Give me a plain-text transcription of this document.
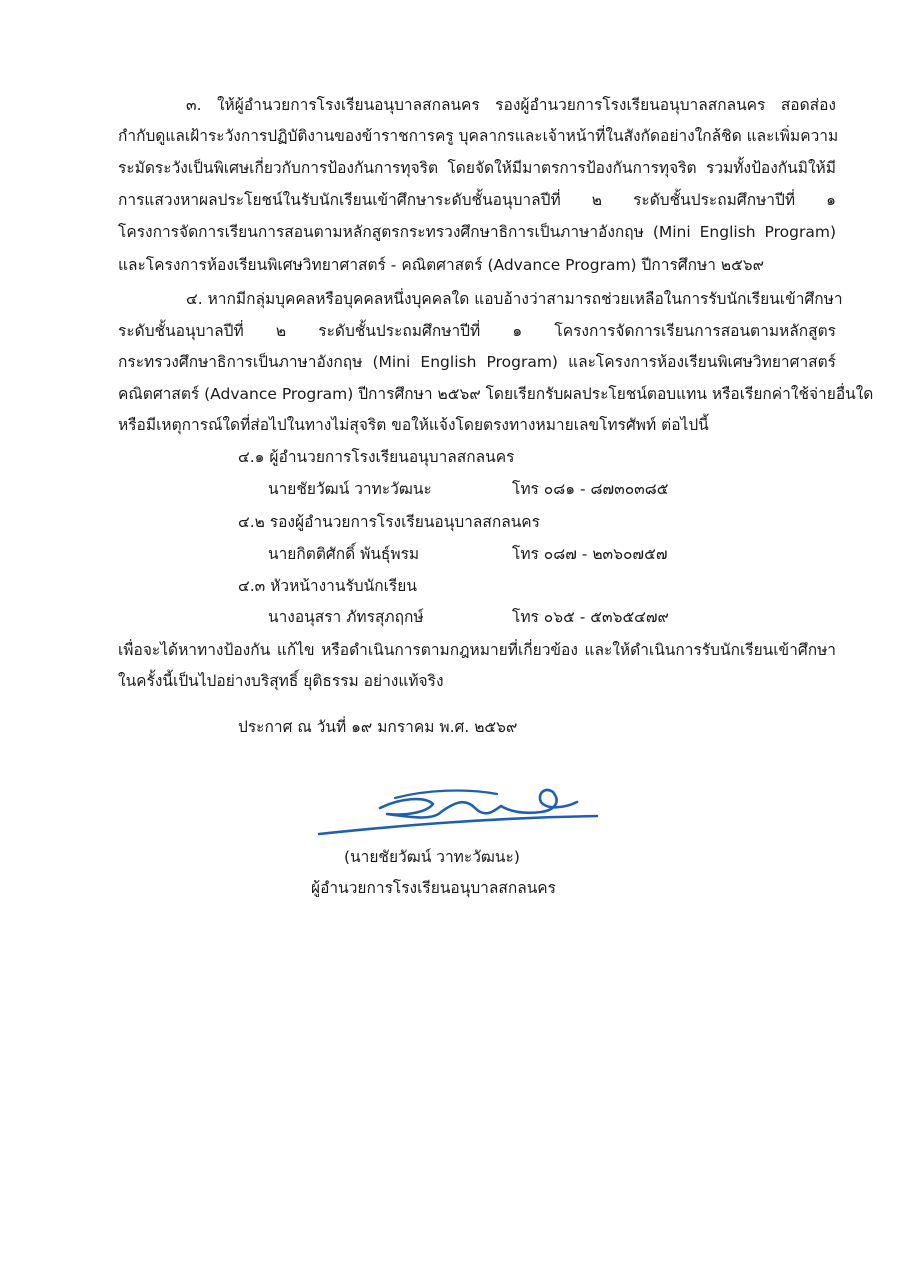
๓. ให้ผู้อำนวยการโรงเรียนอนุบาลสกลนคร รองผู้อำนวยการโรงเรียนอนุบาลสกลนคร สอดส่อง
กำกับดูแลเฝ้าระวังการปฏิบัติงานของข้าราชการครู บุคลากรและเจ้าหน้าที่ในสังกัดอย่างใกล้ชิด และเพิ่มความ
ระมัดระวังเป็นพิเศษเกี่ยวกับการป้องกันการทุจริต โดยจัดให้มีมาตรการป้องกันการทุจริต รวมทั้งป้องกันมิให้มี
การแสวงหาผลประโยชน์ในรับนักเรียนเข้าศึกษาระดับชั้นอนุบาลปีที่ ๒ ระดับชั้นประถมศึกษาปีที่ ๑
โครงการจัดการเรียนการสอนตามหลักสูตรกระทรวงศึกษาธิการเป็นภาษาอังกฤษ (Mini English Program)
และโครงการห้องเรียนพิเศษวิทยาศาสตร์ - คณิตศาสตร์ (Advance Program) ปีการศึกษา ๒๕๖๙
๔. หากมีกลุ่มบุคคลหรือบุคคลหนึ่งบุคคลใด แอบอ้างว่าสามารถช่วยเหลือในการรับนักเรียนเข้าศึกษา
ระดับชั้นอนุบาลปีที่ ๒ ระดับชั้นประถมศึกษาปีที่ ๑ โครงการจัดการเรียนการสอนตามหลักสูตร
กระทรวงศึกษาธิการเป็นภาษาอังกฤษ (Mini English Program) และโครงการห้องเรียนพิเศษวิทยาศาสตร์
คณิตศาสตร์ (Advance Program) ปีการศึกษา ๒๕๖๙ โดยเรียกรับผลประโยชน์ตอบแทน หรือเรียกค่าใช้จ่ายอื่นใด
หรือมีเหตุการณ์ใดที่ส่อไปในทางไม่สุจริต ขอให้แจ้งโดยตรงทางหมายเลขโทรศัพท์ ต่อไปนี้
๔.๑ ผู้อำนวยการโรงเรียนอนุบาลสกลนคร
นายชัยวัฒน์ วาทะวัฒนะ	โทร ๐๘๑ - ๘๗๓๐๓๘๕
๔.๒ รองผู้อำนวยการโรงเรียนอนุบาลสกลนคร
นายกิตติศักดิ์ พันธุ์พรม	โทร ๐๘๗ - ๒๓๖๐๗๕๗
๔.๓ หัวหน้างานรับนักเรียน
นางอนุสรา ภัทรสุภฤกษ์	โทร ๐๖๕ - ๕๓๖๕๔๗๙
เพื่อจะได้หาทางป้องกัน แก้ไข หรือดำเนินการตามกฎหมายที่เกี่ยวข้อง และให้ดำเนินการรับนักเรียนเข้าศึกษา
ในครั้งนี้เป็นไปอย่างบริสุทธิ์ ยุติธรรม อย่างแท้จริง
ประกาศ ณ วันที่ ๑๙ มกราคม พ.ศ. ๒๕๖๙
(นายชัยวัฒน์ วาทะวัฒนะ)
ผู้อำนวยการโรงเรียนอนุบาลสกลนคร
